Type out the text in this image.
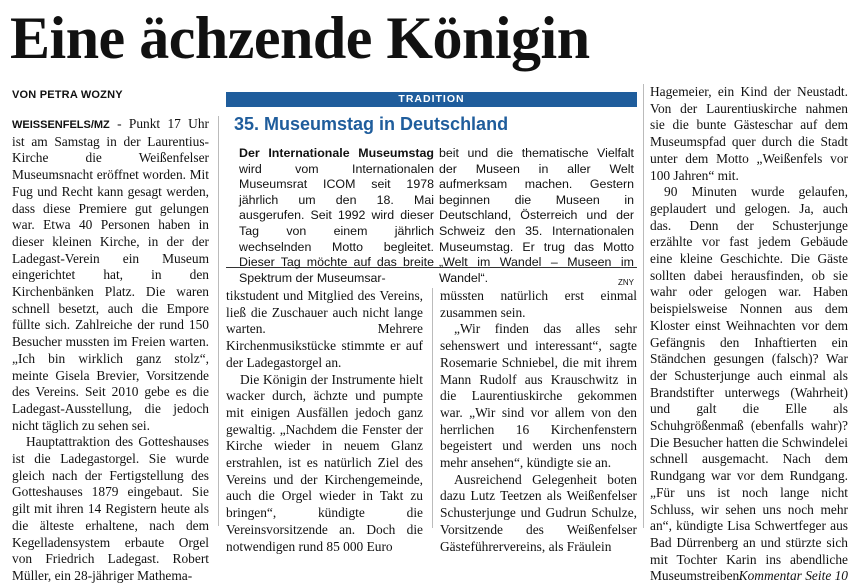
Eine ächzende Königin
VON PETRA WOZNY

WEISSENFELS/MZ - Punkt 17 Uhr ist am Samstag in der Laurentius-Kirche die Weißenfelser Museumsnacht eröffnet worden. Mit Fug und Recht kann gesagt werden, dass diese Premiere gut gelungen war. Etwa 40 Personen haben in dieser kleinen Kirche, in der der Ladegast-Verein ein Museum eingerichtet hat, in den Kirchenbänken Platz. Die waren schnell besetzt, auch die Empore füllte sich. Zahlreiche der rund 150 Besucher mussten im Freien warten. „Ich bin wirklich ganz stolz“, meinte Gisela Brevier, Vorsitzende des Vereins. Seit 2010 gebe es die Ladegast-Ausstellung, die jedoch nicht täglich zu sehen sei.

Hauptattraktion des Gotteshauses ist die Ladegastorgel. Sie wurde gleich nach der Fertigstellung des Gotteshauses 1879 eingebaut. Sie gilt mit ihren 14 Registern heute als die älteste erhaltene, nach dem Kegelladensystem erbaute Orgel von Friedrich Ladegast. Robert Müller, ein 28-jähriger Mathema-

TRADITION
35. Museumstag in Deutschland
Der Internationale Museumstag wird vom Internationalen Museumsrat ICOM seit 1978 jährlich um den 18. Mai ausgerufen. Seit 1992 wird dieser Tag von einem jährlich wechselnden Motto begleitet. Dieser Tag möchte auf das breite Spektrum der Museumsar-
beit und die thematische Vielfalt der Museen in aller Welt aufmerksam machen. Gestern beginnen die Museen in Deutschland, Österreich und der Schweiz den 35. Internationalen Museumstag. Er trug das Motto „Welt im Wandel – Museen im Wandel“.	ZNY

tikstudent und Mitglied des Vereins, ließ die Zuschauer auch nicht lange warten. Mehrere Kirchenmusikstücke stimmte er auf der Ladegastorgel an.

Die Königin der Instrumente hielt wacker durch, ächzte und pumpte mit einigen Ausfällen jedoch ganz gewaltig. „Nachdem die Fenster der Kirche wieder in neuem Glanz erstrahlen, ist es natürlich Ziel des Vereins und der Kirchengemeinde, auch die Orgel wieder in Takt zu bringen“, kündigte die Vereinsvorsitzende an. Doch die notwendigen rund 85 000 Euro

müssten natürlich erst einmal zusammen sein.

„Wir finden das alles sehr sehenswert und interessant“, sagte Rosemarie Schniebel, die mit ihrem Mann Rudolf aus Krauschwitz in die Laurentiuskirche gekommen war. „Wir sind vor allem von den herrlichen 16 Kirchenfenstern begeistert und werden uns noch mehr ansehen“, kündigte sie an.

Ausreichend Gelegenheit boten dazu Lutz Teetzen als Weißenfelser Schusterjunge und Gudrun Schulze, Vorsitzende des Weißenfelser Gästeführervereins, als Fräulein

Hagemeier, ein Kind der Neustadt. Von der Laurentiuskirche nahmen sie die bunte Gästeschar auf dem Museumspfad quer durch die Stadt unter dem Motto „Weißenfels vor 100 Jahren“ mit.

90 Minuten wurde gelaufen, geplaudert und gelogen. Ja, auch das. Denn der Schusterjunge erzählte vor fast jedem Gebäude eine kleine Geschichte. Die Gäste sollten dabei herausfinden, ob sie wahr oder gelogen war. Haben beispielsweise Nonnen aus dem Kloster einst Weihnachten vor dem Gefängnis den Inhaftierten ein Ständchen gesungen (falsch)? War der Schusterjunge auch einmal als Brandstifter unterwegs (Wahrheit) und galt die Elle als Schuhgrößenmaß (ebenfalls wahr)? Die Besucher hatten die Schwindelei schnell ausgemacht. Nach dem Rundgang war vor dem Rundgang. „Für uns ist noch lange nicht Schluss, wir sehen uns noch mehr an“, kündigte Lisa Schwertfeger aus Bad Dürrenberg an und stürzte sich mit Tochter Karin ins abendliche Museumstreiben.

Kommentar Seite 10
